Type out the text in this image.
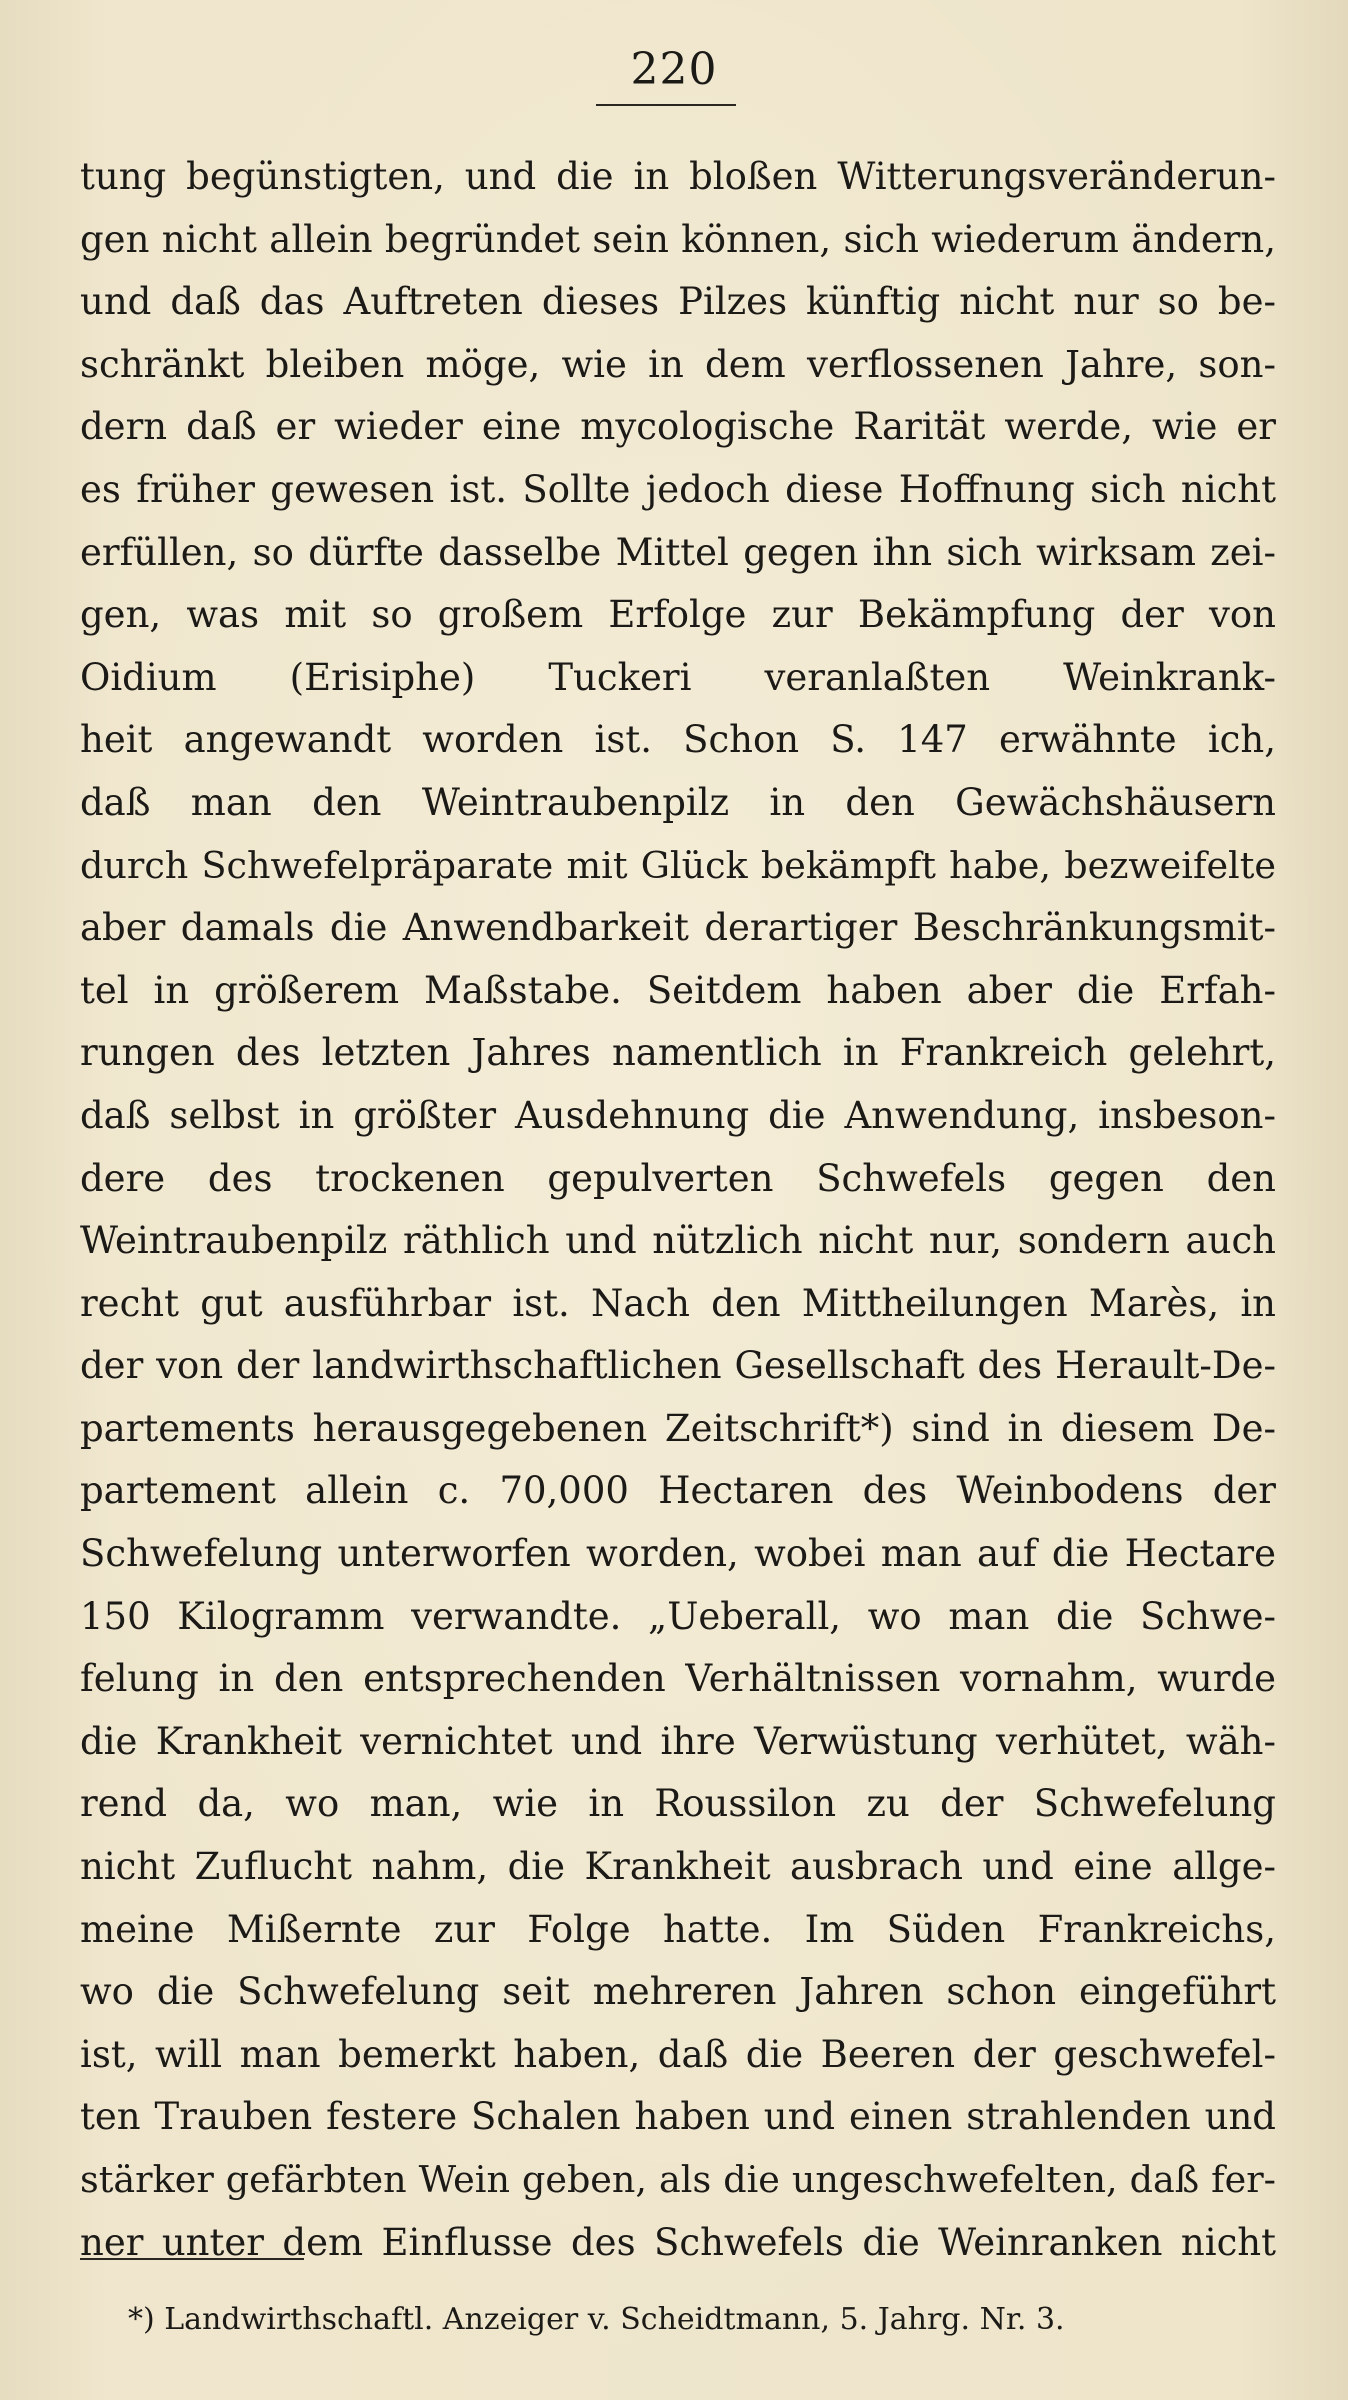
220
tung begünstigten, und die in bloßen Witterungsveränderun-
gen nicht allein begründet sein können, sich wiederum ändern,
und daß das Auftreten dieses Pilzes künftig nicht nur so be-
schränkt bleiben möge, wie in dem verflossenen Jahre, son-
dern daß er wieder eine mycologische Rarität werde, wie er
es früher gewesen ist. Sollte jedoch diese Hoffnung sich nicht
erfüllen, so dürfte dasselbe Mittel gegen ihn sich wirksam zei-
gen, was mit so großem Erfolge zur Bekämpfung der von
Oidium (Erisiphe) Tuckeri veranlaßten Weinkrank-
heit angewandt worden ist. Schon S. 147 erwähnte ich,
daß man den Weintraubenpilz in den Gewächshäusern
durch Schwefelpräparate mit Glück bekämpft habe, bezweifelte
aber damals die Anwendbarkeit derartiger Beschränkungsmit-
tel in größerem Maßstabe. Seitdem haben aber die Erfah-
rungen des letzten Jahres namentlich in Frankreich gelehrt,
daß selbst in größter Ausdehnung die Anwendung, insbeson-
dere des trockenen gepulverten Schwefels gegen den
Weintraubenpilz räthlich und nützlich nicht nur, sondern auch
recht gut ausführbar ist. Nach den Mittheilungen Marès, in
der von der landwirthschaftlichen Gesellschaft des Herault-De-
partements herausgegebenen Zeitschrift*) sind in diesem De-
partement allein c. 70,000 Hectaren des Weinbodens der
Schwefelung unterworfen worden, wobei man auf die Hectare
150 Kilogramm verwandte. „Ueberall, wo man die Schwe-
felung in den entsprechenden Verhältnissen vornahm, wurde
die Krankheit vernichtet und ihre Verwüstung verhütet, wäh-
rend da, wo man, wie in Roussilon zu der Schwefelung
nicht Zuflucht nahm, die Krankheit ausbrach und eine allge-
meine Mißernte zur Folge hatte. Im Süden Frankreichs,
wo die Schwefelung seit mehreren Jahren schon eingeführt
ist, will man bemerkt haben, daß die Beeren der geschwefel-
ten Trauben festere Schalen haben und einen strahlenden und
stärker gefärbten Wein geben, als die ungeschwefelten, daß fer-
ner unter dem Einflusse des Schwefels die Weinranken nicht
*) Landwirthschaftl. Anzeiger v. Scheidtmann, 5. Jahrg. Nr. 3.
